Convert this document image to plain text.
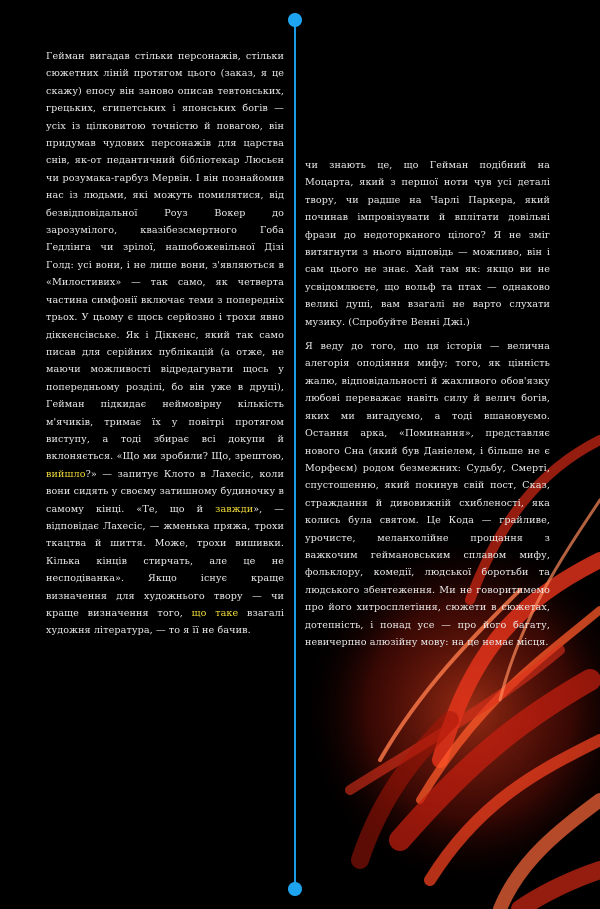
Гейман вигадав стільки персонажів, стільки сюжетних ліній протягом цього (заказ, я це скажу) епосу він заново описав тевтонських, грецьких, єгипетських і японських богів — усіх із цілковитою точністю й повагою, він придумав чудових персонажів для царства снів, як-от педантичний бібліотекар Люсьєн чи розумака-гарбуз Мервін. І він познайомив нас із людьми, які можуть помилятися, від безвідповідальної Роуз Вокер до зарозумілого, квазібезсмертного Гоба Гедлінга чи зрілої, нашобожевільної Дізі Голд: усі вони, і не лише вони, з'являються в «Милостивих» — так само, як четверта частина симфонії включає теми з попередніх трьох. У цьому є щось серйозно і трохи явно діккенсівське. Як і Діккенс, який так само писав для серійних публікацій (а отже, не маючи можливості відредагувати щось у попередньому розділі, бо він уже в друці), Гейман підкидає неймовірну кількість м'ячиків, тримає їх у повітрі протягом виступу, а тоді збирає всі докупи й вклоняється. «Що ми зробили? Що, зрештою, вийшло?» — запитує Клото в Лахесіс, коли вони сидять у своєму затишному будиночку в самому кінці. «Те, що й завжди», — відповідає Лахесіс, — жменька пряжа, трохи ткацтва й шиття. Може, трохи вишивки. Кілька кінців стирчать, але це не несподіванка». Якщо існує краще визначення для художнього твору — чи краще визначення того, що таке взагалі художня література, — то я її не бачив.

чи знають це, що Гейман подібний на Моцарта, який з першої ноти чув усі деталі твору, чи радше на Чарлі Паркера, який починав імпровізувати й вплітати довільні фрази до недоторканого цілого? Я не зміг витягнути з нього відповідь — можливо, він і сам цього не знає. Хай там як: якщо ви не усвідомлюєте, що вольф та птах — однаково великі душі, вам взагалі не варто слухати музику. (Спробуйте Венні Джі.)

Я веду до того, що ця історія — велична алегорія оподіяння мифу; того, як цінність жалю, відповідальності й жахливого обов'язку любові переважає навіть силу й велич богів, яких ми вигадуємо, а тоді вшановуємо. Остання арка, «Поминання», представляє новогo Сна (який був Даніелем, і більше не є Морфеєм) родом безмежних: Судьбу, Смерті, спустошенню, який покинув свій пост, Сказ, страждання й дивовижній схибленості, яка колись була святом. Це Кода — грайливе, урочисте, меланхолійне прощання з важкочим геймановським сплавом мифу, фольклору, комедії, людської боротьби та людського збентеження. Ми не говоритимемо про його хитросплетіння, сюжети в сюжетах, дотепність, і понад усе — про його багату, невичерпно алюзійну мову: на це немає місця.
